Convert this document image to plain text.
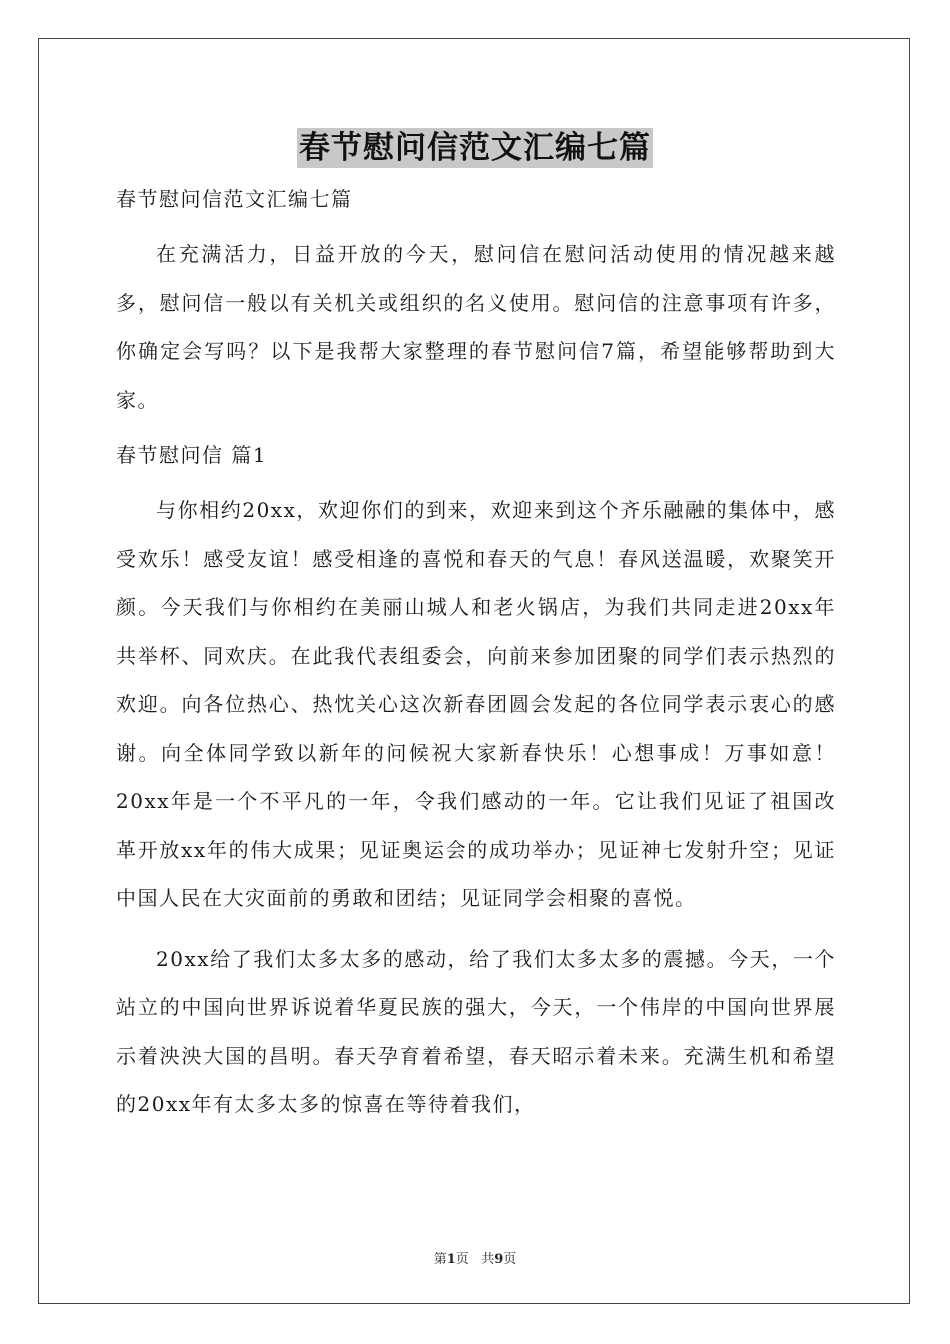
春节慰问信范文汇编七篇
春节慰问信范文汇编七篇
在充满活力，日益开放的今天，慰问信在慰问活动使用的情况越来越多，慰问信一般以有关机关或组织的名义使用。慰问信的注意事项有许多，你确定会写吗？以下是我帮大家整理的春节慰问信7篇，希望能够帮助到大家。
春节慰问信 篇1
与你相约20xx，欢迎你们的到来，欢迎来到这个齐乐融融的集体中，感受欢乐！感受友谊！感受相逢的喜悦和春天的气息！春风送温暖，欢聚笑开颜。今天我们与你相约在美丽山城人和老火锅店，为我们共同走进20xx年共举杯、同欢庆。在此我代表组委会，向前来参加团聚的同学们表示热烈的欢迎。向各位热心、热忱关心这次新春团圆会发起的各位同学表示衷心的感谢。向全体同学致以新年的问候祝大家新春快乐！心想事成！万事如意！20xx年是一个不平凡的一年，令我们感动的一年。它让我们见证了祖国改革开放xx年的伟大成果；见证奥运会的成功举办；见证神七发射升空；见证中国人民在大灾面前的勇敢和团结；见证同学会相聚的喜悦。
20xx给了我们太多太多的感动，给了我们太多太多的震撼。今天，一个站立的中国向世界诉说着华夏民族的强大，今天，一个伟岸的中国向世界展示着泱泱大国的昌明。春天孕育着希望，春天昭示着未来。充满生机和希望的20xx年有太多太多的惊喜在等待着我们，
第1页 共9页
